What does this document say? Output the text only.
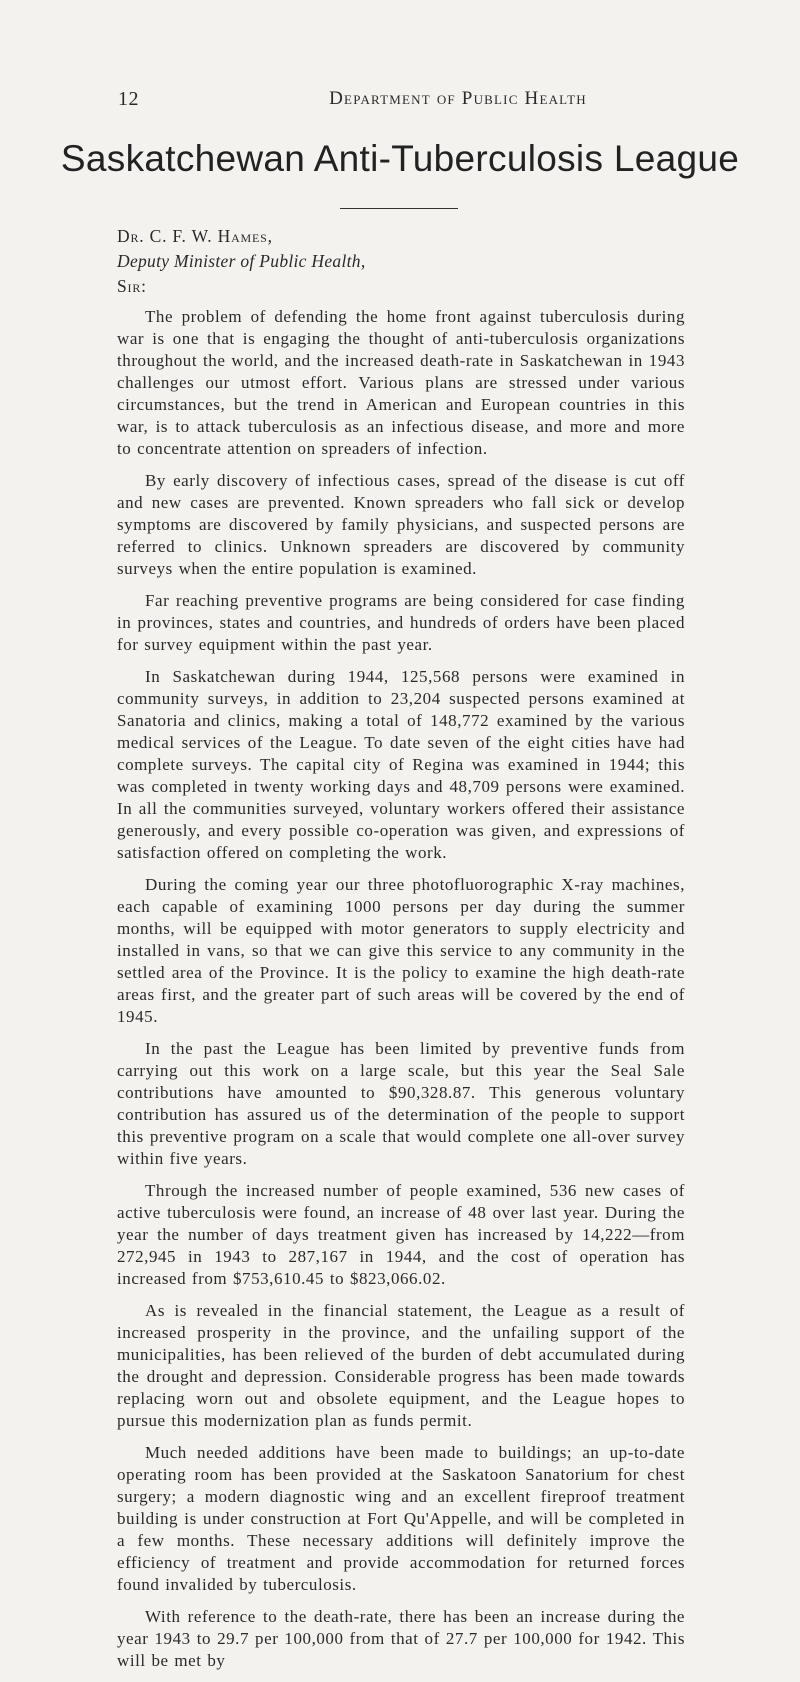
12	Department of Public Health
Saskatchewan Anti-Tuberculosis League
Dr. C. F. W. Hames,
Deputy Minister of Public Health,
Sir:

The problem of defending the home front against tuberculosis during war is one that is engaging the thought of anti-tuberculosis organizations throughout the world, and the increased death-rate in Saskatchewan in 1943 challenges our utmost effort. Various plans are stressed under various circumstances, but the trend in American and European countries in this war, is to attack tuberculosis as an infectious disease, and more and more to concentrate attention on spreaders of infection.

By early discovery of infectious cases, spread of the disease is cut off and new cases are prevented. Known spreaders who fall sick or develop symptoms are discovered by family physicians, and suspected persons are referred to clinics. Unknown spreaders are discovered by community surveys when the entire population is examined.

Far reaching preventive programs are being considered for case finding in provinces, states and countries, and hundreds of orders have been placed for survey equipment within the past year.

In Saskatchewan during 1944, 125,568 persons were examined in community surveys, in addition to 23,204 suspected persons examined at Sanatoria and clinics, making a total of 148,772 examined by the various medical services of the League. To date seven of the eight cities have had complete surveys. The capital city of Regina was examined in 1944; this was completed in twenty working days and 48,709 persons were examined. In all the communities surveyed, voluntary workers offered their assistance generously, and every possible co-operation was given, and expressions of satisfaction offered on completing the work.

During the coming year our three photofluorographic X-ray machines, each capable of examining 1000 persons per day during the summer months, will be equipped with motor generators to supply electricity and installed in vans, so that we can give this service to any community in the settled area of the Province. It is the policy to examine the high death-rate areas first, and the greater part of such areas will be covered by the end of 1945.

In the past the League has been limited by preventive funds from carrying out this work on a large scale, but this year the Seal Sale contributions have amounted to $90,328.87. This generous voluntary contribution has assured us of the determination of the people to support this preventive program on a scale that would complete one all-over survey within five years.

Through the increased number of people examined, 536 new cases of active tuberculosis were found, an increase of 48 over last year. During the year the number of days treatment given has increased by 14,222—from 272,945 in 1943 to 287,167 in 1944, and the cost of operation has increased from $753,610.45 to $823,066.02.

As is revealed in the financial statement, the League as a result of increased prosperity in the province, and the unfailing support of the municipalities, has been relieved of the burden of debt accumulated during the drought and depression. Considerable progress has been made towards replacing worn out and obsolete equipment, and the League hopes to pursue this modernization plan as funds permit.

Much needed additions have been made to buildings; an up-to-date operating room has been provided at the Saskatoon Sanatorium for chest surgery; a modern diagnostic wing and an excellent fireproof treatment building is under construction at Fort Qu'Appelle, and will be completed in a few months. These necessary additions will definitely improve the efficiency of treatment and provide accommodation for returned forces found invalided by tuberculosis.

With reference to the death-rate, there has been an increase during the year 1943 to 29.7 per 100,000 from that of 27.7 per 100,000 for 1942. This will be met by
